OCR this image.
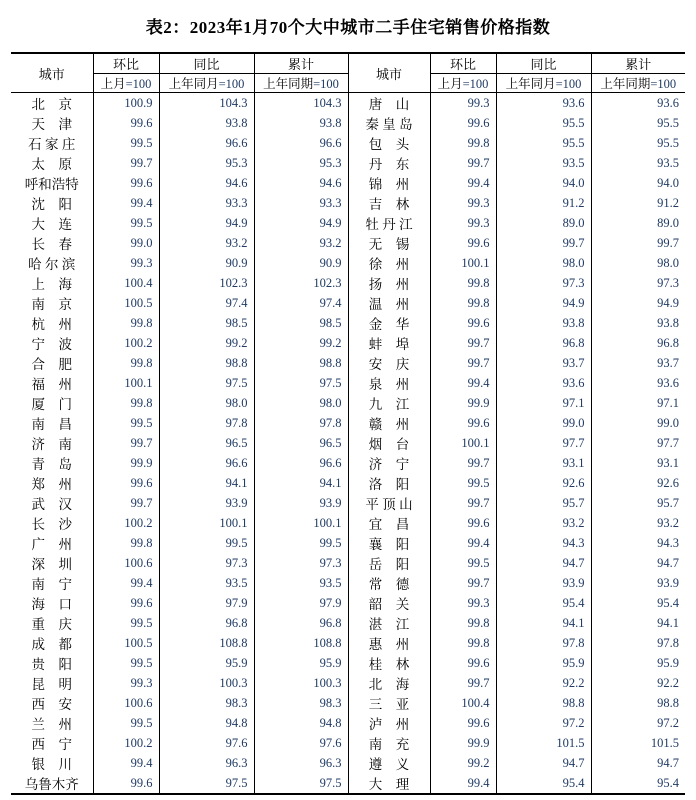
表2：2023年1月70个大中城市二手住宅销售价格指数
城市	环比	同比	累计	城市	环比	同比	累计
	上月=100	上年同月=100	上年同期=100		上月=100	上年同月=100	上年同期=100
北　京	100.9	104.3	104.3	唐　山	99.3	93.6	93.6
天　津	99.6	93.8	93.8	秦 皇 岛	99.6	95.5	95.5
石 家 庄	99.5	96.6	96.6	包　头	99.8	95.5	95.5
太　原	99.7	95.3	95.3	丹　东	99.7	93.5	93.5
呼和浩特	99.6	94.6	94.6	锦　州	99.4	94.0	94.0
沈　阳	99.4	93.3	93.3	吉　林	99.3	91.2	91.2
大　连	99.5	94.9	94.9	牡 丹 江	99.3	89.0	89.0
长　春	99.0	93.2	93.2	无　锡	99.6	99.7	99.7
哈 尔 滨	99.3	90.9	90.9	徐　州	100.1	98.0	98.0
上　海	100.4	102.3	102.3	扬　州	99.8	97.3	97.3
南　京	100.5	97.4	97.4	温　州	99.8	94.9	94.9
杭　州	99.8	98.5	98.5	金　华	99.6	93.8	93.8
宁　波	100.2	99.2	99.2	蚌　埠	99.7	96.8	96.8
合　肥	99.8	98.8	98.8	安　庆	99.7	93.7	93.7
福　州	100.1	97.5	97.5	泉　州	99.4	93.6	93.6
厦　门	99.8	98.0	98.0	九　江	99.9	97.1	97.1
南　昌	99.5	97.8	97.8	赣　州	99.6	99.0	99.0
济　南	99.7	96.5	96.5	烟　台	100.1	97.7	97.7
青　岛	99.9	96.6	96.6	济　宁	99.7	93.1	93.1
郑　州	99.6	94.1	94.1	洛　阳	99.5	92.6	92.6
武　汉	99.7	93.9	93.9	平 顶 山	99.7	95.7	95.7
长　沙	100.2	100.1	100.1	宜　昌	99.6	93.2	93.2
广　州	99.8	99.5	99.5	襄　阳	99.4	94.3	94.3
深　圳	100.6	97.3	97.3	岳　阳	99.5	94.7	94.7
南　宁	99.4	93.5	93.5	常　德	99.7	93.9	93.9
海　口	99.6	97.9	97.9	韶　关	99.3	95.4	95.4
重　庆	99.5	96.8	96.8	湛　江	99.8	94.1	94.1
成　都	100.5	108.8	108.8	惠　州	99.8	97.8	97.8
贵　阳	99.5	95.9	95.9	桂　林	99.6	95.9	95.9
昆　明	99.3	100.3	100.3	北　海	99.7	92.2	92.2
西　安	100.6	98.3	98.3	三　亚	100.4	98.8	98.8
兰　州	99.5	94.8	94.8	泸　州	99.6	97.2	97.2
西　宁	100.2	97.6	97.6	南　充	99.9	101.5	101.5
银　川	99.4	96.3	96.3	遵　义	99.2	94.7	94.7
乌鲁木齐	99.6	97.5	97.5	大　理	99.4	95.4	95.4
